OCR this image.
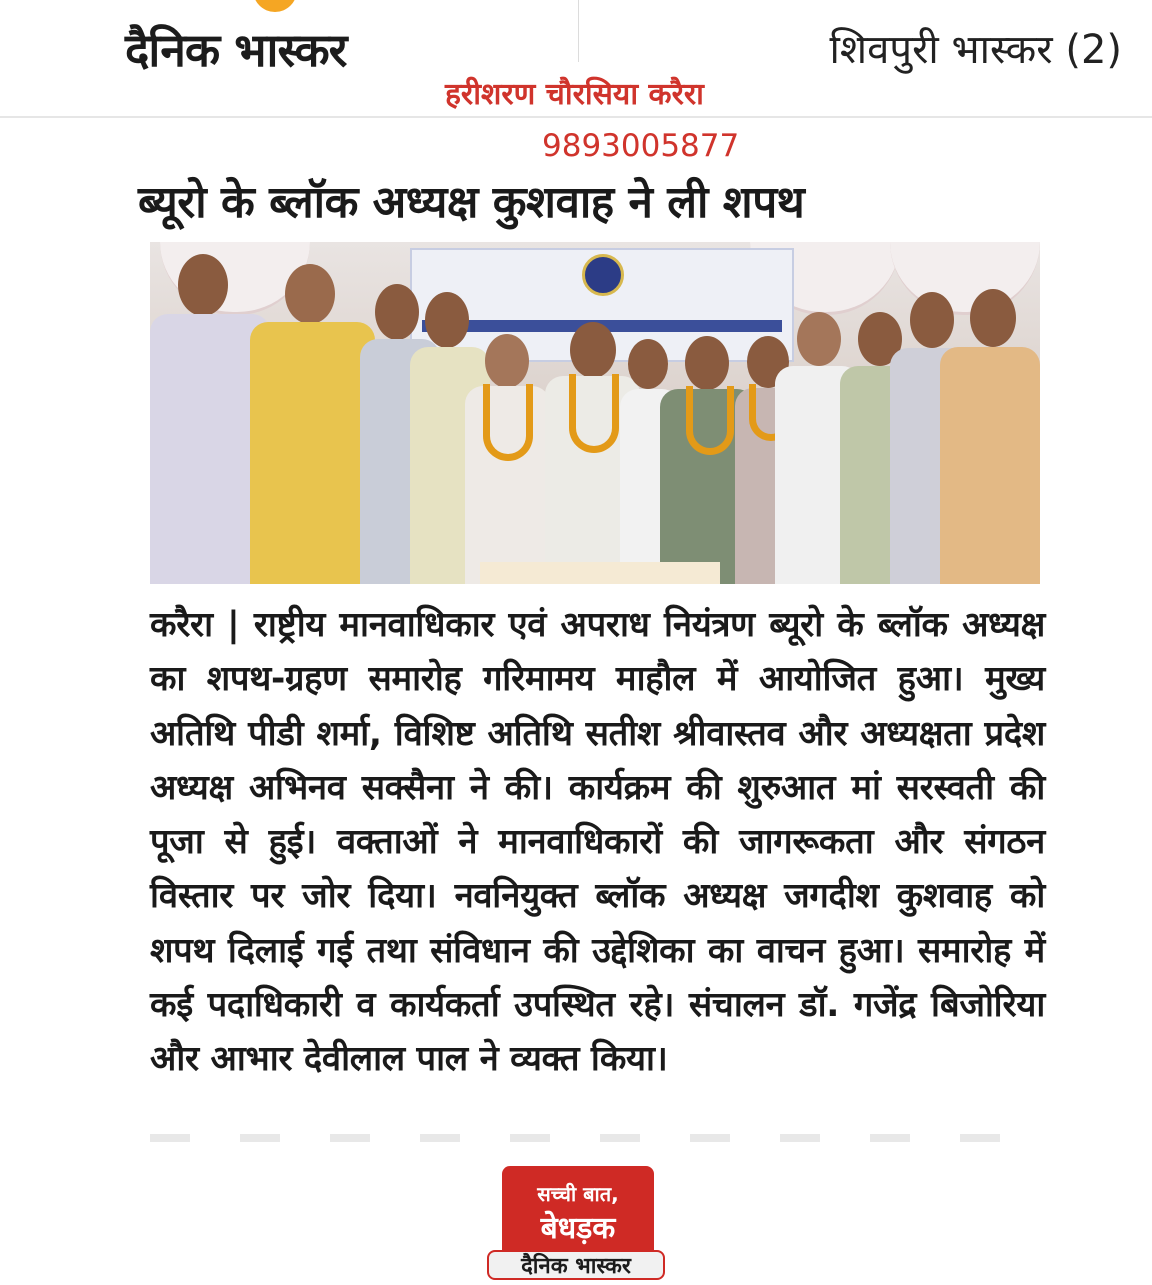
दैनिक भास्कर	शिवपुरी भास्कर (2)
हरीशरण चौरसिया करैरा
9893005877
ब्यूरो के ब्लॉक अध्यक्ष कुशवाह ने ली शपथ
करैरा | राष्ट्रीय मानवाधिकार एवं अपराध नियंत्रण ब्यूरो के ब्लॉक अध्यक्ष का शपथ-ग्रहण समारोह गरिमामय माहौल में आयोजित हुआ। मुख्य अतिथि पीडी शर्मा, विशिष्ट अतिथि सतीश श्रीवास्तव और अध्यक्षता प्रदेश अध्यक्ष अभिनव सक्सैना ने की। कार्यक्रम की शुरुआत मां सरस्वती की पूजा से हुई। वक्ताओं ने मानवाधिकारों की जागरूकता और संगठन विस्तार पर जोर दिया। नवनियुक्त ब्लॉक अध्यक्ष जगदीश कुशवाह को शपथ दिलाई गई तथा संविधान की उद्देशिका का वाचन हुआ। समारोह में कई पदाधिकारी व कार्यकर्ता उपस्थित रहे। संचालन डॉ. गजेंद्र बिजोरिया और आभार देवीलाल पाल ने व्यक्त किया।
सच्ची बात,
बेधड़क
दैनिक भास्कर
